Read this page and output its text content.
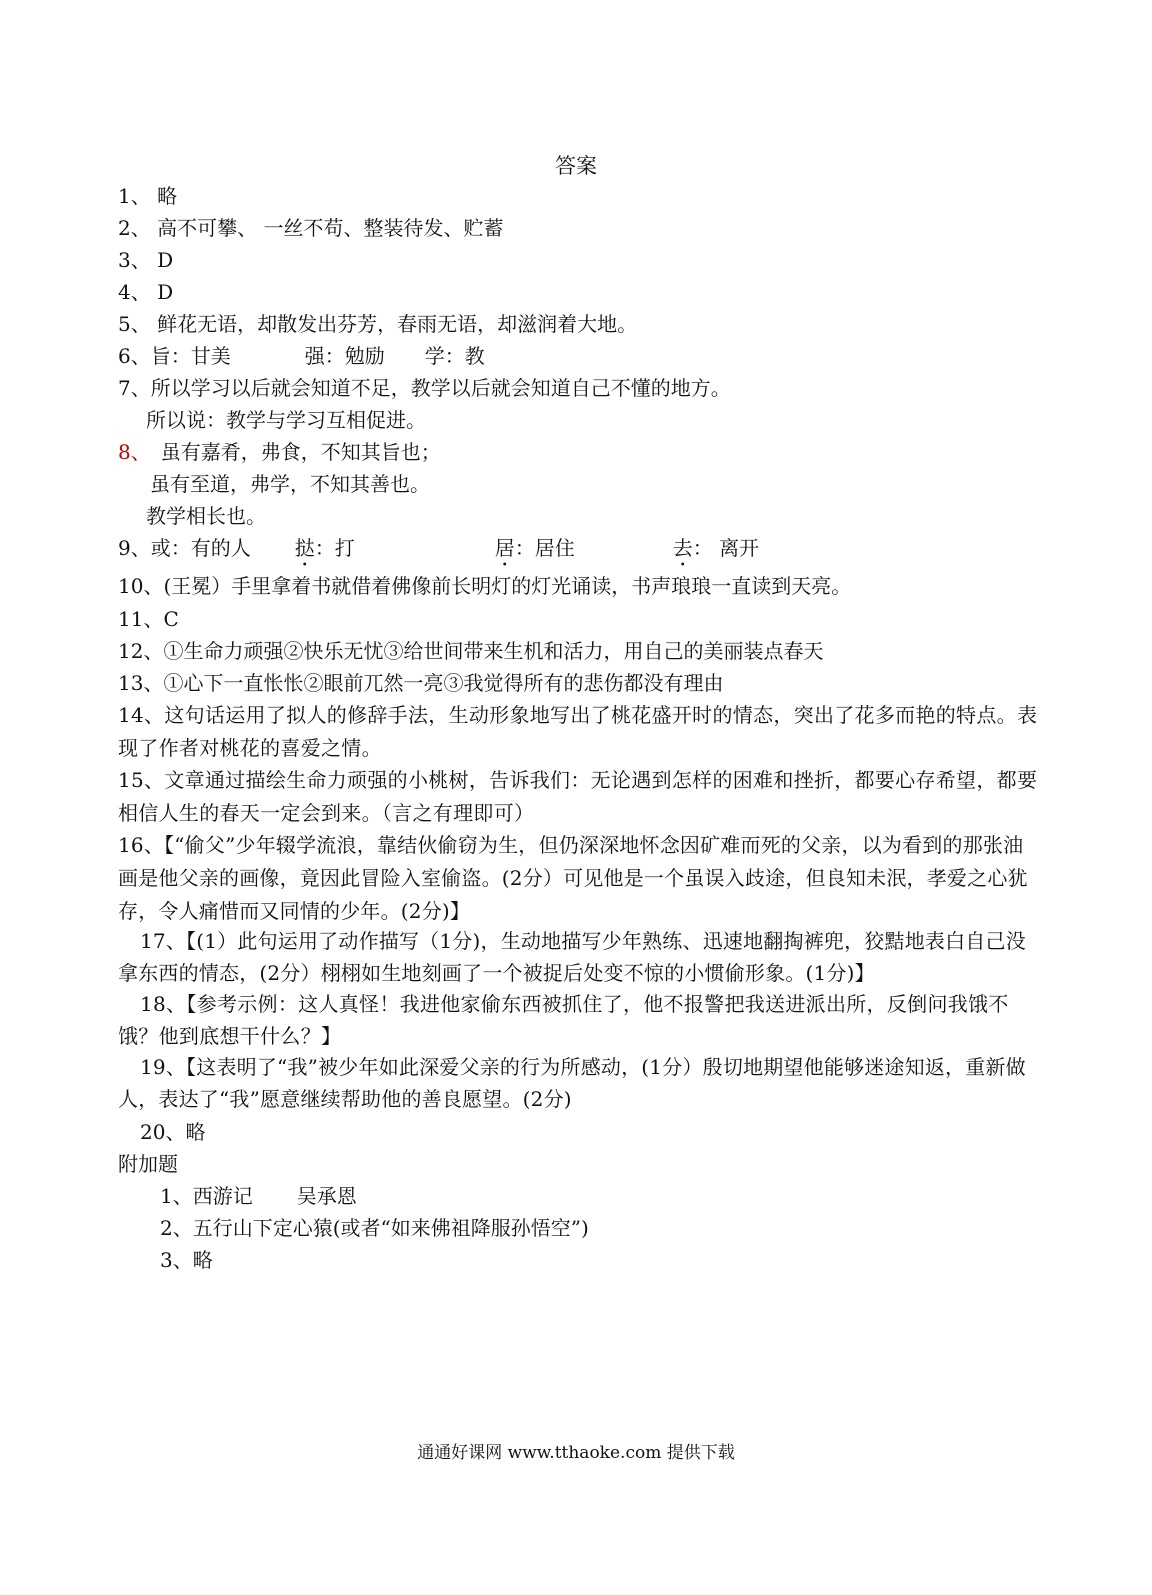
答案
1、 略
2、 高不可攀、 一丝不苟、整装待发、贮蓄
3、 D
4、 D
5、 鲜花无语，却散发出芬芳，春雨无语，却滋润着大地。
6、旨：甘美	强：勉励 学：教
7、所以学习以后就会知道不足，教学以后就会知道自己不懂的地方。
所以说：教学与学习互相促进。
8、 虽有嘉肴，弗食，不知其旨也；
虽有至道，弗学，不知其善也。
教学相长也。
9、或：有的人 挞：打	居：居住	去： 离开
10、(王冕）手里拿着书就借着佛像前长明灯的灯光诵读，书声琅琅一直读到天亮。
11、C
12、①生命力顽强②快乐无忧③给世间带来生机和活力，用自己的美丽装点春天
13、①心下一直怅怅②眼前兀然一亮③我觉得所有的悲伤都没有理由
14、这句话运用了拟人的修辞手法，生动形象地写出了桃花盛开时的情态，突出了花多而艳的特点。表现了作者对桃花的喜爱之情。
15、文章通过描绘生命力顽强的小桃树，告诉我们：无论遇到怎样的困难和挫折，都要心存希望，都要相信人生的春天一定会到来。（言之有理即可）
16、【“偷父”少年辍学流浪，靠结伙偷窃为生，但仍深深地怀念因矿难而死的父亲，以为看到的那张油画是他父亲的画像，竟因此冒险入室偷盗。(2分）可见他是一个虽误入歧途，但良知未泯，孝爱之心犹存，令人痛惜而又同情的少年。(2分)】
17、【(1）此句运用了动作描写（1分)，生动地描写少年熟练、迅速地翻掏裤兜，狡黠地表白自己没拿东西的情态，(2分）栩栩如生地刻画了一个被捉后处变不惊的小惯偷形象。(1分)】
18、【参考示例：这人真怪！我进他家偷东西被抓住了，他不报警把我送进派出所，反倒问我饿不饿？他到底想干什么？】
19、【这表明了“我”被少年如此深爱父亲的行为所感动，(1分）殷切地期望他能够迷途知返，重新做人，表达了“我”愿意继续帮助他的善良愿望。(2分)
20、略
附加题
1、西游记 吴承恩
2、五行山下定心猿(或者“如来佛祖降服孙悟空”)
3、略
通通好课网 www.tthaoke.com 提供下载
